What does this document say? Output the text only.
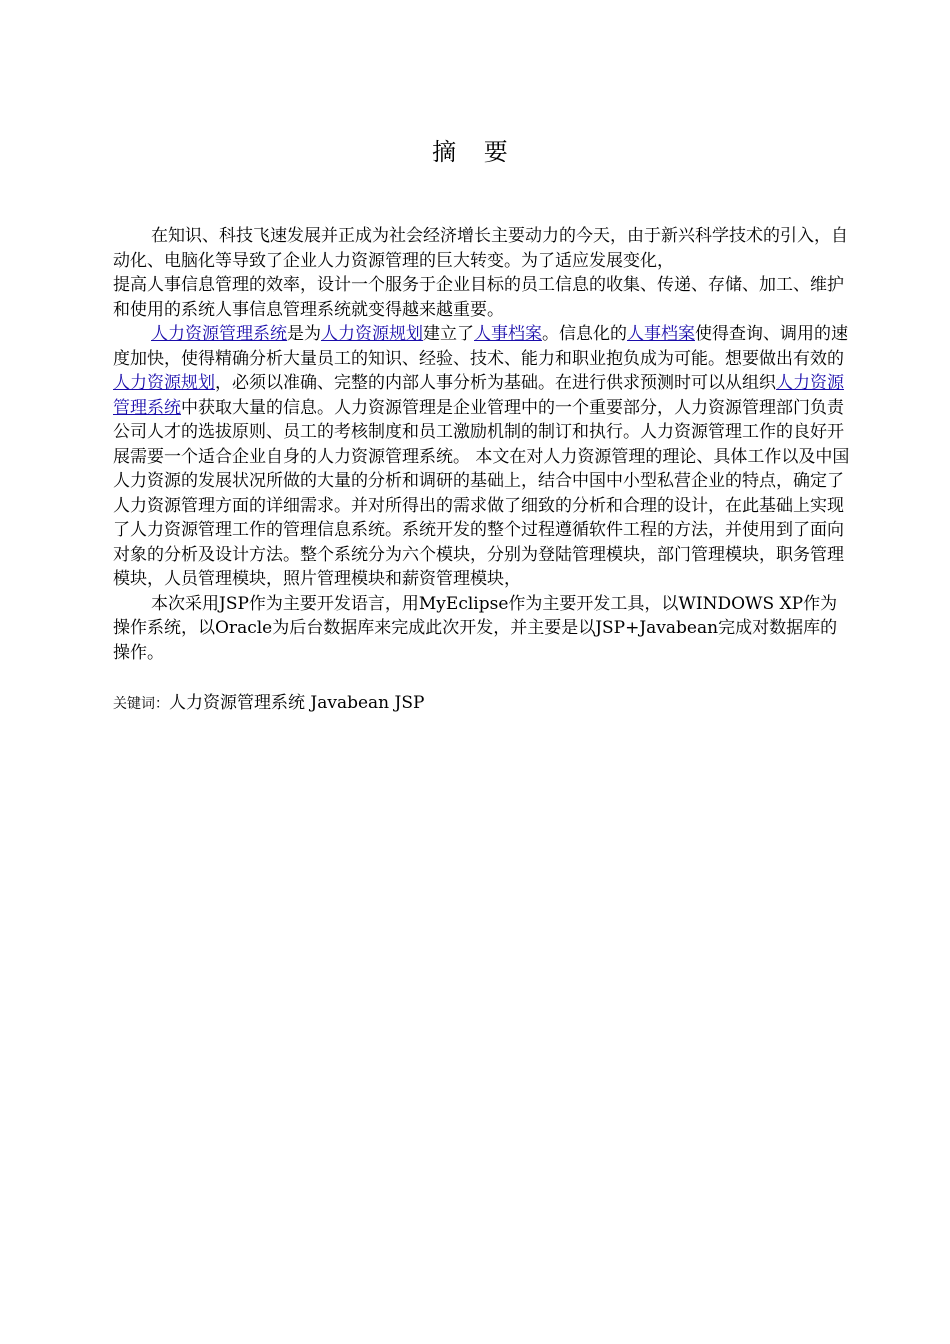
摘 要

在知识、科技飞速发展并正成为社会经济增长主要动力的今天，由于新兴科学技术的引入，自动化、电脑化等导致了企业人力资源管理的巨大转变。为了适应发展变化，

提高人事信息管理的效率，设计一个服务于企业目标的员工信息的收集、传递、存储、加工、维护和使用的系统人事信息管理系统就变得越来越重要。

人力资源管理系统是为人力资源规划建立了人事档案。信息化的人事档案使得查询、调用的速度加快，使得精确分析大量员工的知识、经验、技术、能力和职业抱负成为可能。想要做出有效的人力资源规划，必须以准确、完整的内部人事分析为基础。在进行供求预测时可以从组织人力资源管理系统中获取大量的信息。人力资源管理是企业管理中的一个重要部分，人力资源管理部门负责公司人才的选拔原则、员工的考核制度和员工激励机制的制订和执行。人力资源管理工作的良好开展需要一个适合企业自身的人力资源管理系统。 本文在对人力资源管理的理论、具体工作以及中国人力资源的发展状况所做的大量的分析和调研的基础上，结合中国中小型私营企业的特点，确定了人力资源管理方面的详细需求。并对所得出的需求做了细致的分析和合理的设计，在此基础上实现了人力资源管理工作的管理信息系统。系统开发的整个过程遵循软件工程的方法，并使用到了面向对象的分析及设计方法。整个系统分为六个模块，分别为登陆管理模块，部门管理模块，职务管理模块，人员管理模块，照片管理模块和薪资管理模块，

本次采用JSP作为主要开发语言，用MyEclipse作为主要开发工具，以WINDOWS XP作为操作系统，以Oracle为后台数据库来完成此次开发，并主要是以JSP+Javabean完成对数据库的操作。

关键词：人力资源管理系统 Javabean JSP
